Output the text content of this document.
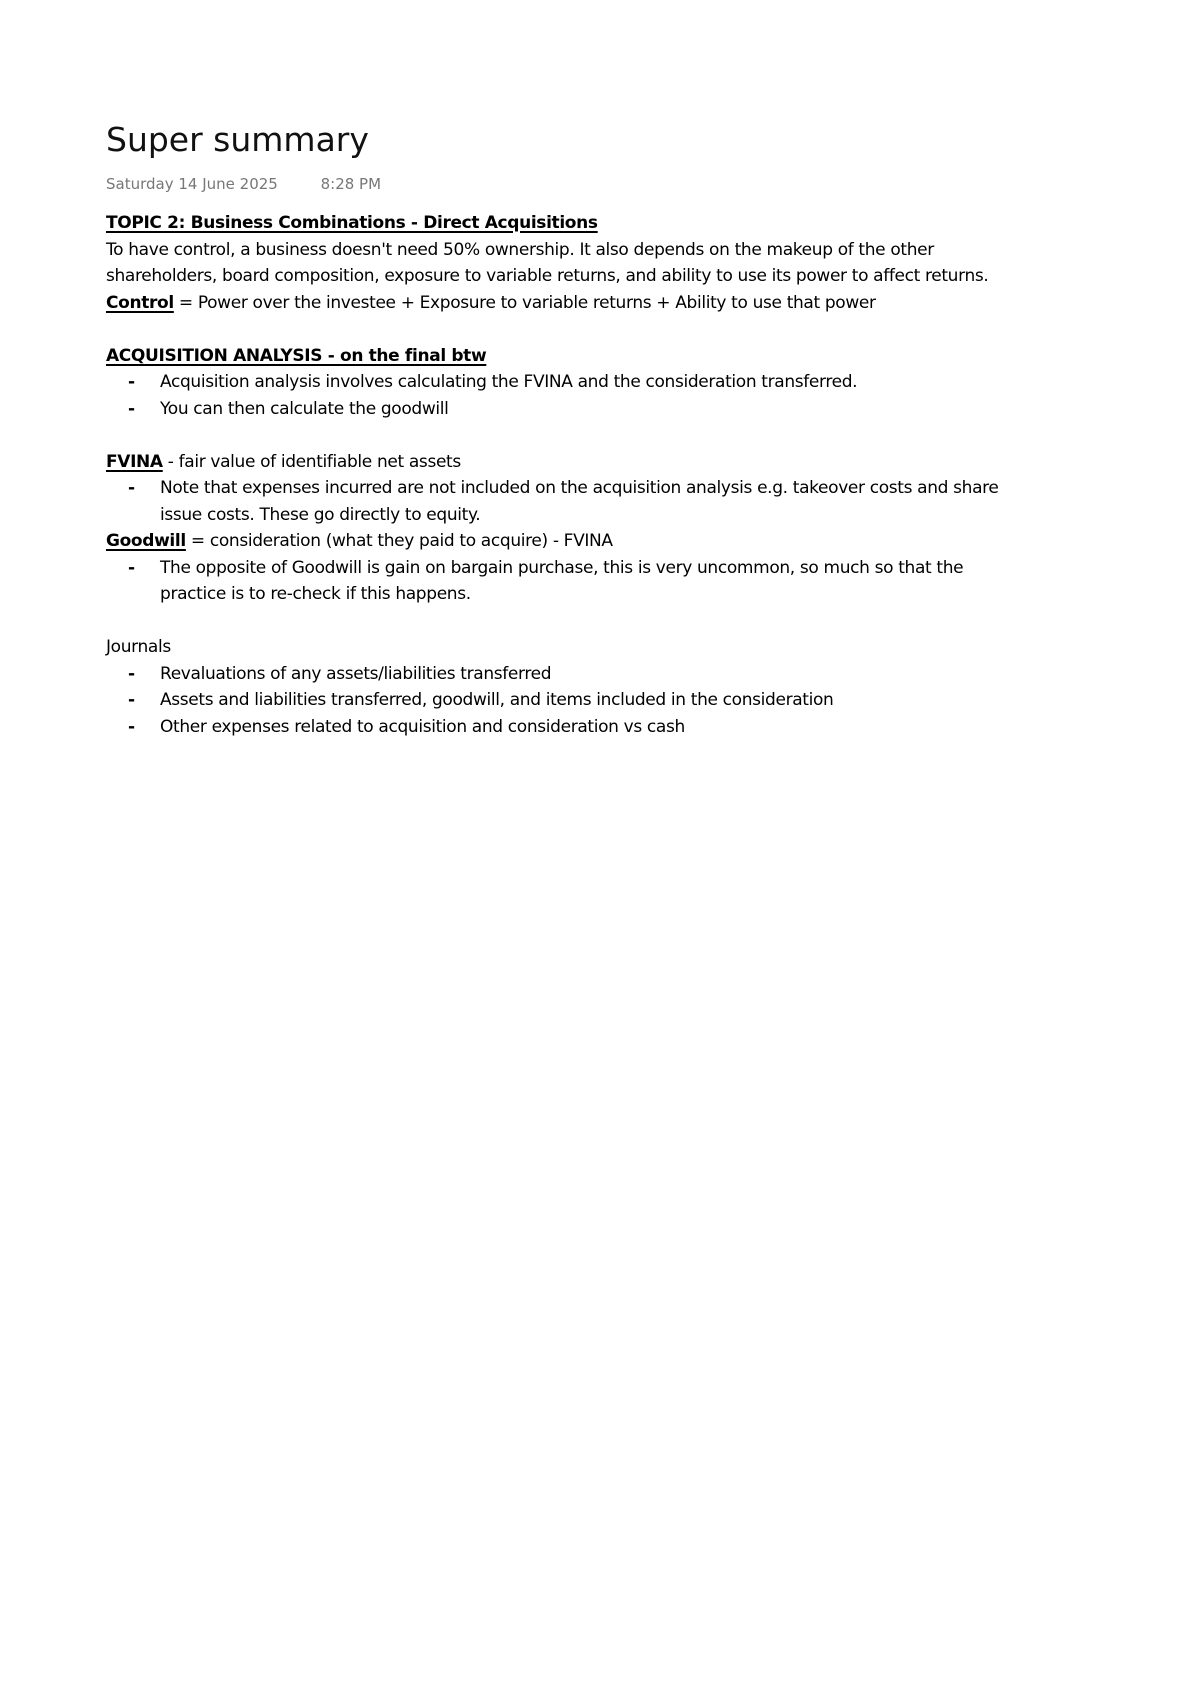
Super summary
Saturday 14 June 2025	8:28 PM
TOPIC 2: Business Combinations - Direct Acquisitions
To have control, a business doesn't need 50% ownership. It also depends on the makeup of the other
shareholders, board composition, exposure to variable returns, and ability to use its power to affect returns.
Control = Power over the investee + Exposure to variable returns + Ability to use that power
ACQUISITION ANALYSIS - on the final btw
- Acquisition analysis involves calculating the FVINA and the consideration transferred.
- You can then calculate the goodwill
FVINA - fair value of identifiable net assets
- Note that expenses incurred are not included on the acquisition analysis e.g. takeover costs and share
issue costs. These go directly to equity.
Goodwill = consideration (what they paid to acquire) - FVINA
- The opposite of Goodwill is gain on bargain purchase, this is very uncommon, so much so that the
practice is to re-check if this happens.
Journals
- Revaluations of any assets/liabilities transferred
- Assets and liabilities transferred, goodwill, and items included in the consideration
- Other expenses related to acquisition and consideration vs cash
